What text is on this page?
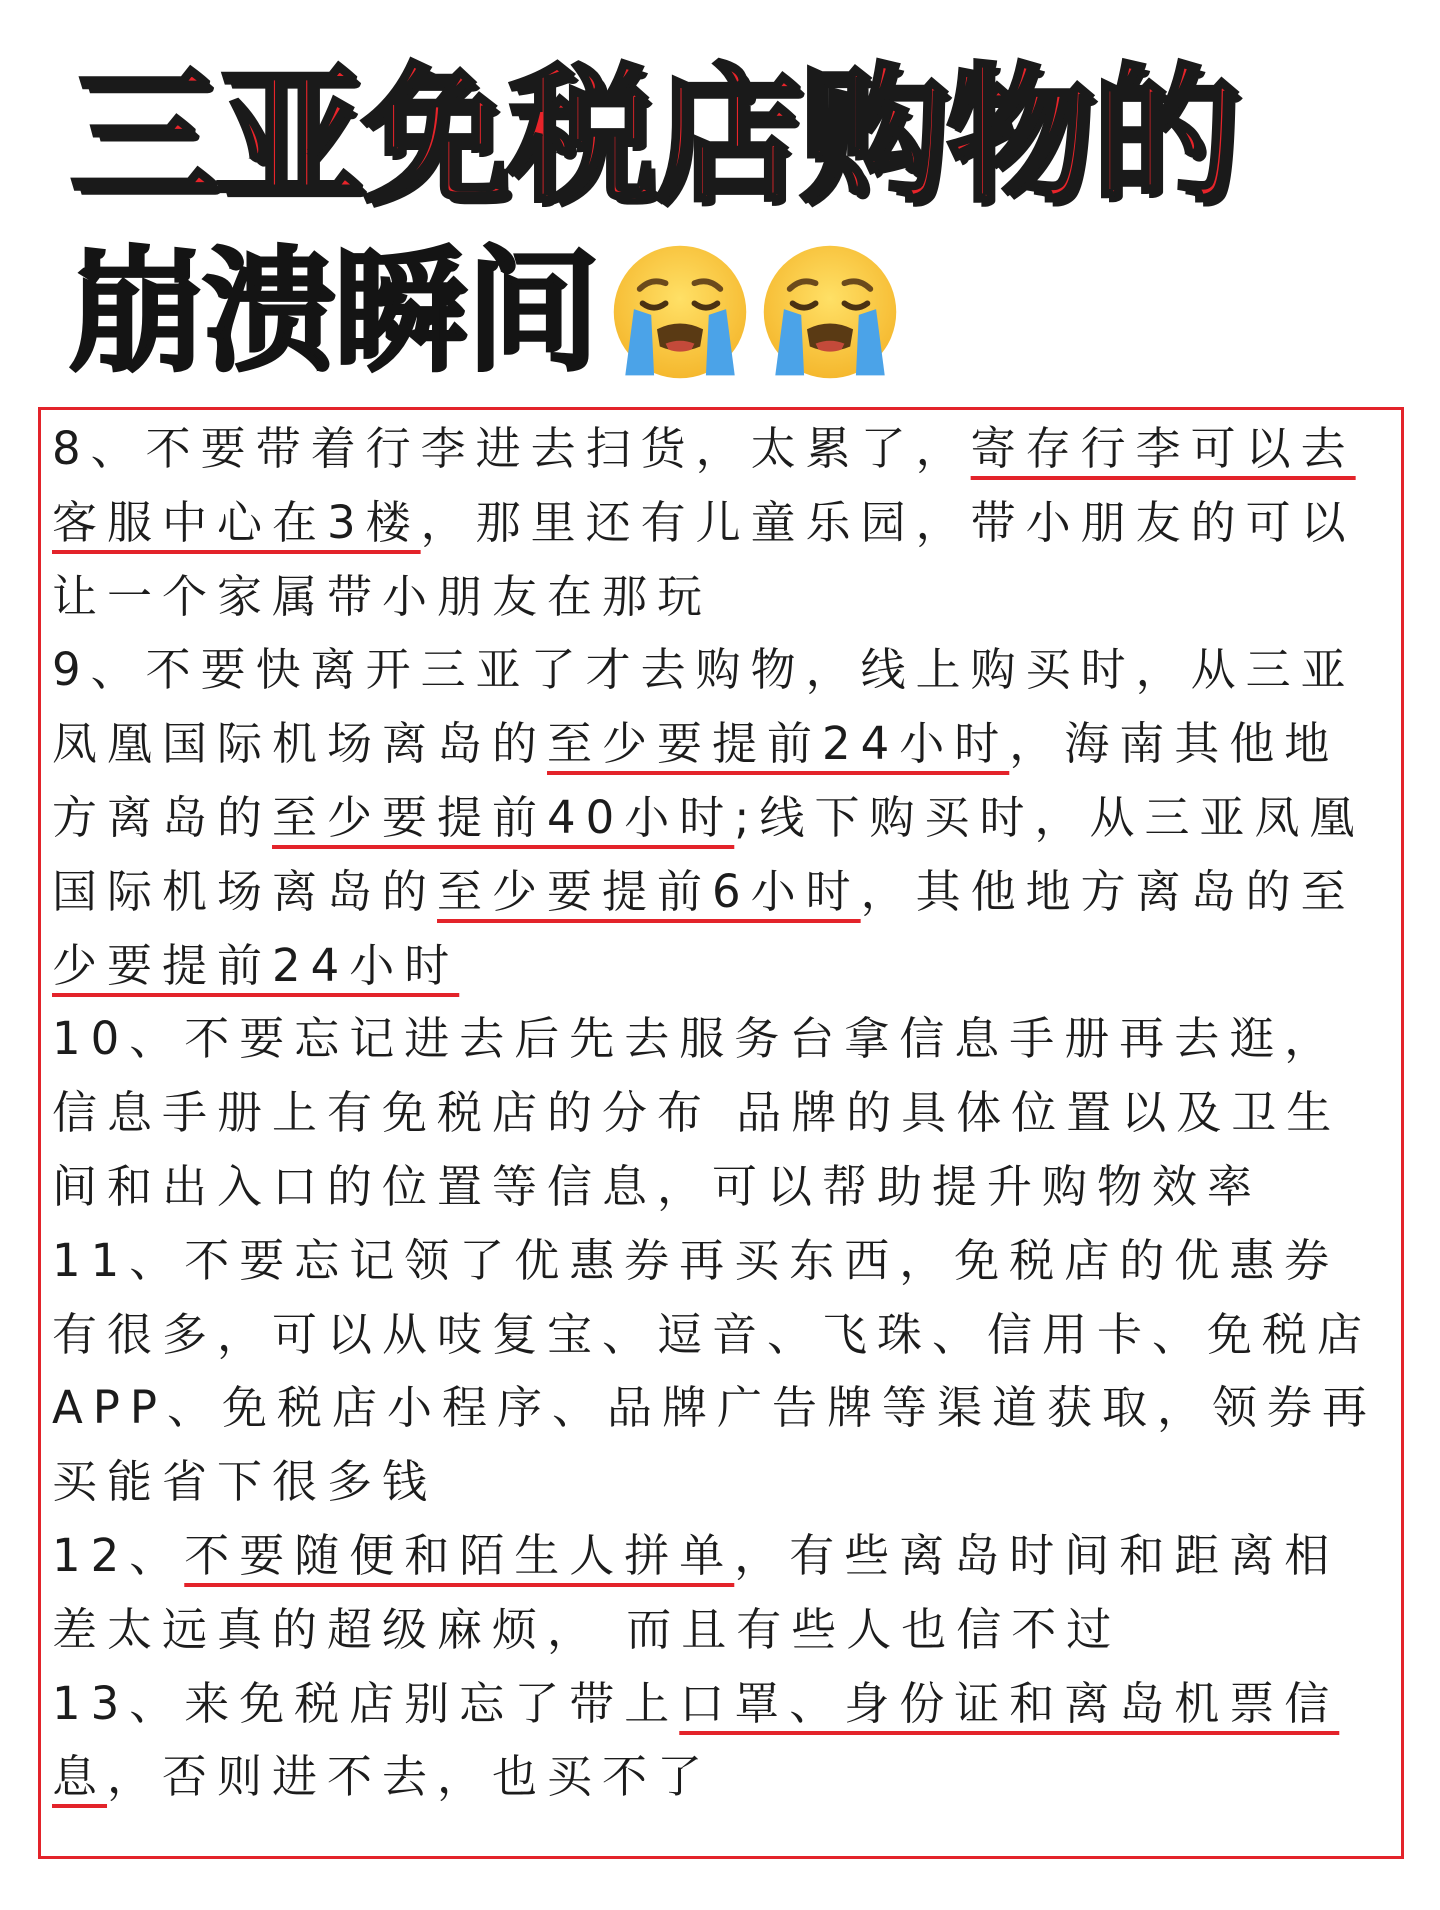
三亚免税店购物的
崩溃瞬间

8、不要带着行李进去扫货，太累了，寄存行李可以去客服中心在3楼，那里还有儿童乐园，带小朋友的可以让一个家属带小朋友在那玩

9、不要快离开三亚了才去购物，线上购买时，从三亚凤凰国际机场离岛的至少要提前24小时，海南其他地方离岛的至少要提前40小时;线下购买时，从三亚凤凰国际机场离岛的至少要提前6小时，其他地方离岛的至少要提前24小时

10、不要忘记进去后先去服务台拿信息手册再去逛，信息手册上有免税店的分布 品牌的具体位置以及卫生间和出入口的位置等信息，可以帮助提升购物效率

11、不要忘记领了优惠券再买东西，免税店的优惠券有很多，可以从吱复宝、逗音、飞珠、信用卡、免税店APP、免税店小程序、品牌广告牌等渠道获取，领券再买能省下很多钱

12、不要随便和陌生人拼单，有些离岛时间和距离相差太远真的超级麻烦， 而且有些人也信不过

13、来免税店别忘了带上口罩、身份证和离岛机票信息，否则进不去，也买不了
